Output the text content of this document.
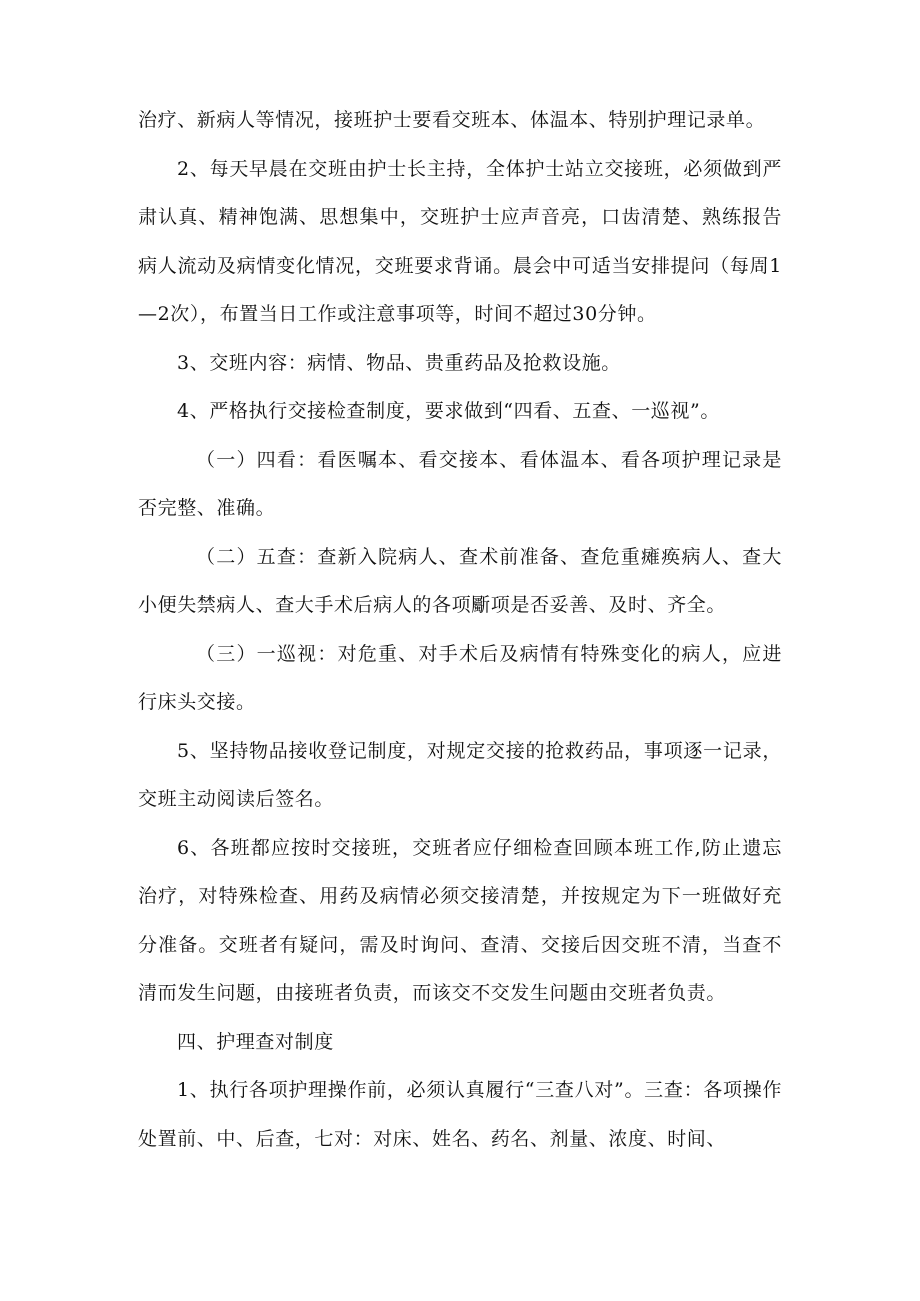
治疗、新病人等情况，接班护士要看交班本、体温本、特别护理记录单。

2、每天早晨在交班由护士长主持，全体护士站立交接班，必须做到严肃认真、精神饱满、思想集中，交班护士应声音亮，口齿清楚、熟练报告病人流动及病情变化情况，交班要求背诵。晨会中可适当安排提问（每周1—2次），布置当日工作或注意事项等，时间不超过30分钟。

3、交班内容：病情、物品、贵重药品及抢救设施。

4、严格执行交接检查制度，要求做到“四看、五查、一巡视”。

（一）四看：看医嘱本、看交接本、看体温本、看各项护理记录是否完整、准确。

（二）五查：查新入院病人、查术前准备、查危重瘫痪病人、查大小便失禁病人、查大手术后病人的各项斸项是否妥善、及时、齐全。

（三）一巡视：对危重、对手术后及病情有特殊变化的病人，应进行床头交接。

5、坚持物品接收登记制度，对规定交接的抢救药品，事项逐一记录，交班主动阅读后签名。

6、各班都应按时交接班，交班者应仔细检查回顾本班工作,防止遗忘治疗，对特殊检查、用药及病情必须交接清楚，并按规定为下一班做好充分准备。交班者有疑问，需及时询问、查清、交接后因交班不清，当查不清而发生问题，由接班者负责，而该交不交发生问题由交班者负责。

四、护理查对制度

1、执行各项护理操作前，必须认真履行“三查八对”。三查：各项操作处置前、中、后查，七对：对床、姓名、药名、剂量、浓度、时间、
